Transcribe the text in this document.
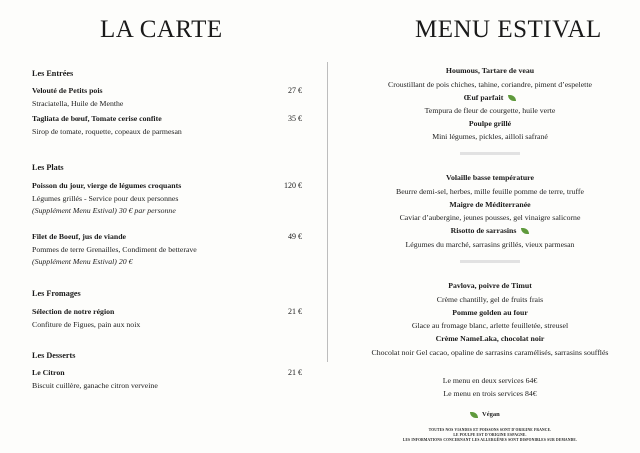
LA CARTE
Les Entrées
Velouté de Petits pois	27 €
Straciatella, Huile de Menthe
Tagliata de bœuf, Tomate cerise confite	35 €
Sirop de tomate, roquette, copeaux de parmesan
Les Plats
Poisson du jour, vierge de légumes croquants	120 €
Légumes grillés - Service pour deux personnes
(Supplément Menu Estival) 30 € par personne
Filet de Boeuf, jus de viande	49 €
Pommes de terre Grenailles, Condiment de betterave
(Supplément Menu Estival) 20 €
Les Fromages
Sélection de notre région	21 €
Confiture de Figues, pain aux noix
Les Desserts
Le Citron	21 €
Biscuit cuillère, ganache citron verveine
MENU ESTIVAL
Houmous, Tartare de veau
Croustillant de pois chiches, tahine, coriandre, piment d’espelette
Œuf parfait
Tempura de fleur de courgette, huile verte
Poulpe grillé
Mini légumes, pickles, ailloli safrané
Volaille basse température
Beurre demi-sel, herbes, mille feuille pomme de terre, truffe
Maigre de Méditerranée
Caviar d’aubergine, jeunes pousses, gel vinaigre salicorne
Risotto de sarrasins
Légumes du marché, sarrasins grillés, vieux parmesan
Pavlova, poivre de Timut
Crème chantilly, gel de fruits frais
Pomme golden au four
Glace au fromage blanc, arlette feuilletée, streusel
Crème NameLaka, chocolat noir
Chocolat noir Gel cacao, opaline de sarrasins caramélisés, sarrasins soufflés
Le menu en deux services 64€
Le menu en trois services 84€
Végan
TOUTES NOS VIANDES ET POISSONS SONT D'ORIGINE FRANCE.
LE POULPE EST D'ORIGINE ESPAGNE.
LES INFORMATIONS CONCERNANT LES ALLERGÈNES SONT DISPONIBLES SUR DEMANDE.
